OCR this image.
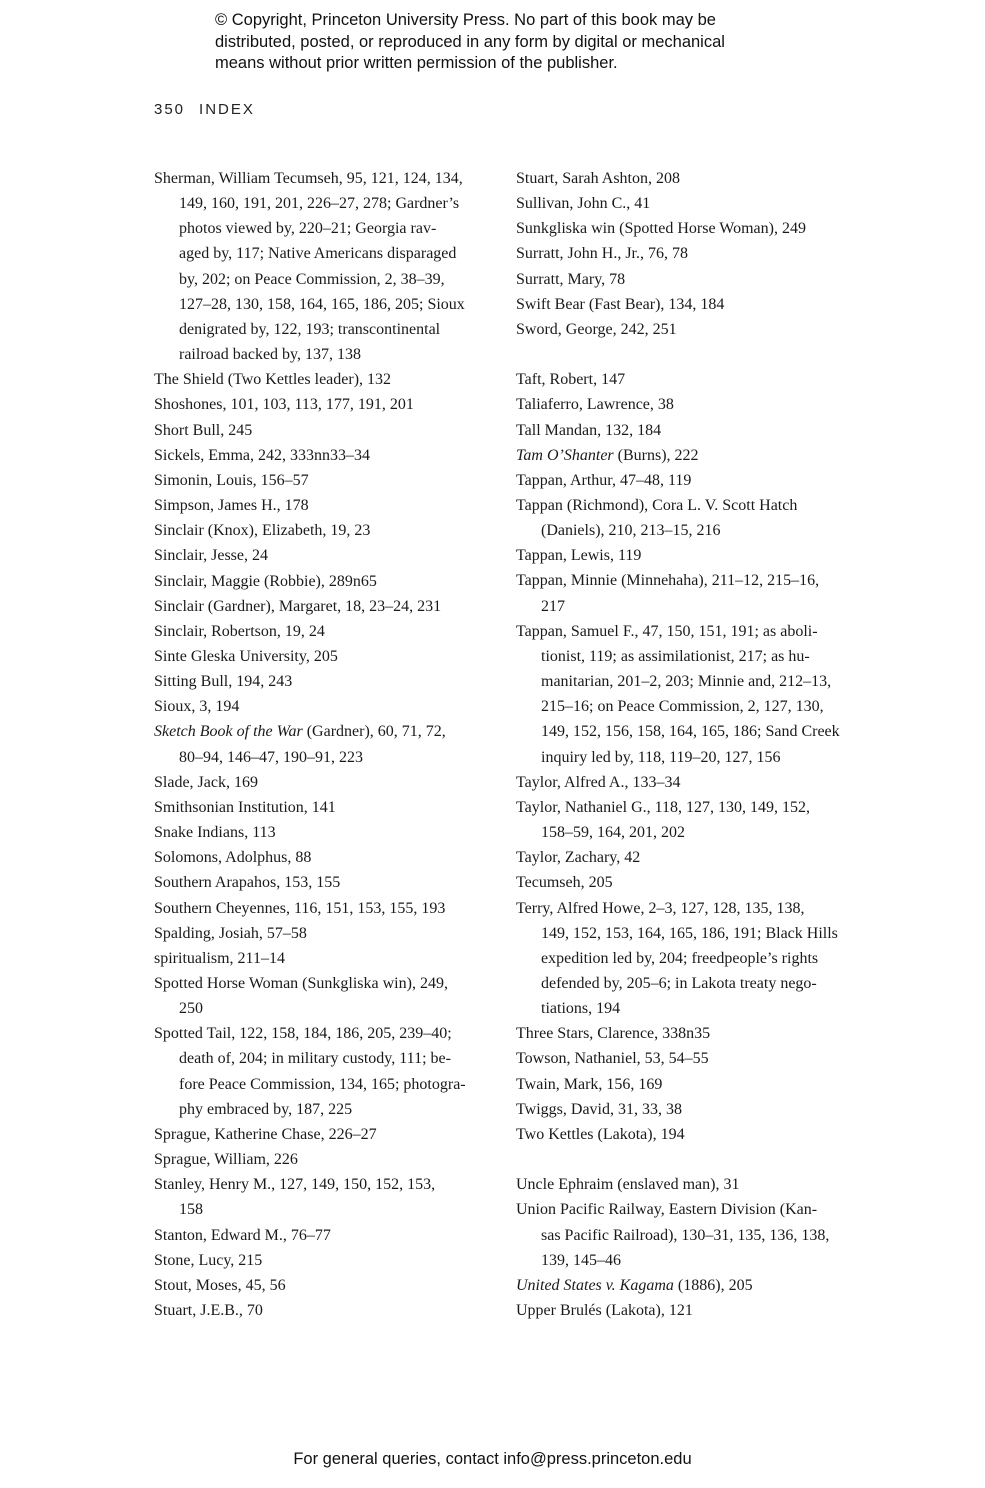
© Copyright, Princeton University Press. No part of this book may be
distributed, posted, or reproduced in any form by digital or mechanical
means without prior written permission of the publisher.
350 INDEX
Sherman, William Tecumseh, 95, 121, 124, 134,
149, 160, 191, 201, 226–27, 278; Gardner’s
photos viewed by, 220–21; Georgia rav-
aged by, 117; Native Americans disparaged
by, 202; on Peace Commission, 2, 38–39,
127–28, 130, 158, 164, 165, 186, 205; Sioux
denigrated by, 122, 193; transcontinental
railroad backed by, 137, 138
The Shield (Two Kettles leader), 132
Shoshones, 101, 103, 113, 177, 191, 201
Short Bull, 245
Sickels, Emma, 242, 333nn33–34
Simonin, Louis, 156–57
Simpson, James H., 178
Sinclair (Knox), Elizabeth, 19, 23
Sinclair, Jesse, 24
Sinclair, Maggie (Robbie), 289n65
Sinclair (Gardner), Margaret, 18, 23–24, 231
Sinclair, Robertson, 19, 24
Sinte Gleska University, 205
Sitting Bull, 194, 243
Sioux, 3, 194
Sketch Book of the War (Gardner), 60, 71, 72,
80–94, 146–47, 190–91, 223
Slade, Jack, 169
Smithsonian Institution, 141
Snake Indians, 113
Solomons, Adolphus, 88
Southern Arapahos, 153, 155
Southern Cheyennes, 116, 151, 153, 155, 193
Spalding, Josiah, 57–58
spiritualism, 211–14
Spotted Horse Woman (Sunkgliska win), 249,
250
Spotted Tail, 122, 158, 184, 186, 205, 239–40;
death of, 204; in military custody, 111; be-
fore Peace Commission, 134, 165; photogra-
phy embraced by, 187, 225
Sprague, Katherine Chase, 226–27
Sprague, William, 226
Stanley, Henry M., 127, 149, 150, 152, 153,
158
Stanton, Edward M., 76–77
Stone, Lucy, 215
Stout, Moses, 45, 56
Stuart, J.E.B., 70
Stuart, Sarah Ashton, 208
Sullivan, John C., 41
Sunkgliska win (Spotted Horse Woman), 249
Surratt, John H., Jr., 76, 78
Surratt, Mary, 78
Swift Bear (Fast Bear), 134, 184
Sword, George, 242, 251
Taft, Robert, 147
Taliaferro, Lawrence, 38
Tall Mandan, 132, 184
Tam O’Shanter (Burns), 222
Tappan, Arthur, 47–48, 119
Tappan (Richmond), Cora L. V. Scott Hatch
(Daniels), 210, 213–15, 216
Tappan, Lewis, 119
Tappan, Minnie (Minnehaha), 211–12, 215–16,
217
Tappan, Samuel F., 47, 150, 151, 191; as aboli-
tionist, 119; as assimilationist, 217; as hu-
manitarian, 201–2, 203; Minnie and, 212–13,
215–16; on Peace Commission, 2, 127, 130,
149, 152, 156, 158, 164, 165, 186; Sand Creek
inquiry led by, 118, 119–20, 127, 156
Taylor, Alfred A., 133–34
Taylor, Nathaniel G., 118, 127, 130, 149, 152,
158–59, 164, 201, 202
Taylor, Zachary, 42
Tecumseh, 205
Terry, Alfred Howe, 2–3, 127, 128, 135, 138,
149, 152, 153, 164, 165, 186, 191; Black Hills
expedition led by, 204; freedpeople’s rights
defended by, 205–6; in Lakota treaty nego-
tiations, 194
Three Stars, Clarence, 338n35
Towson, Nathaniel, 53, 54–55
Twain, Mark, 156, 169
Twiggs, David, 31, 33, 38
Two Kettles (Lakota), 194
Uncle Ephraim (enslaved man), 31
Union Pacific Railway, Eastern Division (Kan-
sas Pacific Railroad), 130–31, 135, 136, 138,
139, 145–46
United States v. Kagama (1886), 205
Upper Brulés (Lakota), 121
For general queries, contact info@press.princeton.edu
